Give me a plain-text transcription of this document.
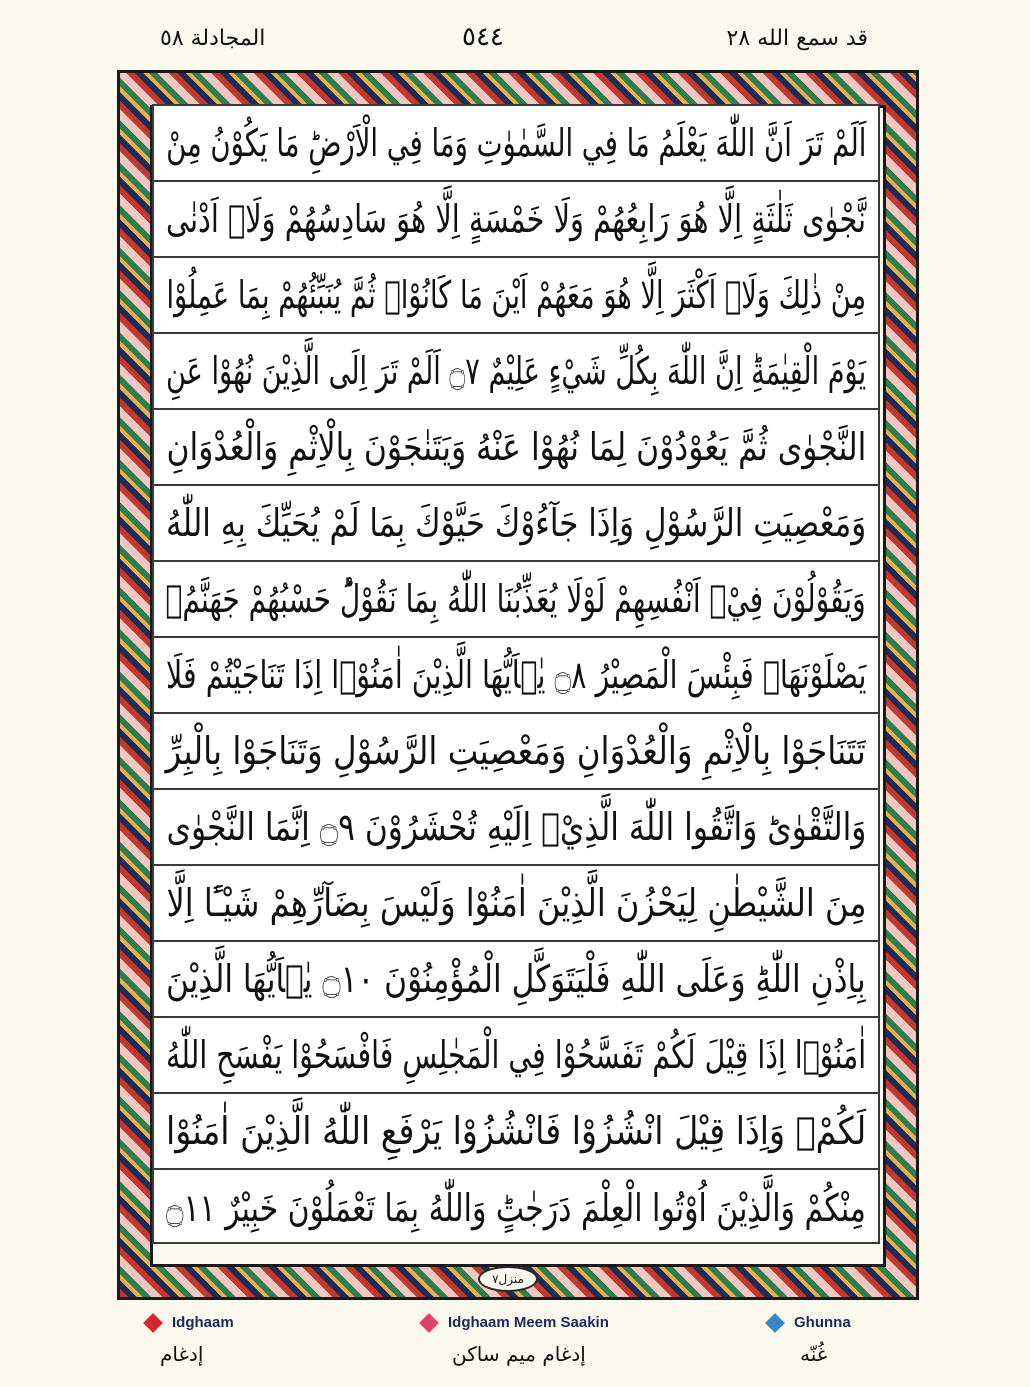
المجادلة ٥٨	٥٤٤	قد سمع الله ٢٨
اَلَمْ تَرَ اَنَّ اللّٰهَ يَعْلَمُ مَا فِي السَّمٰوٰتِ وَمَا فِي الْاَرْضِؕ مَا يَكُوْنُ مِنْ
نَّجْوٰى ثَلٰثَةٍ اِلَّا هُوَ رَابِعُهُمْ وَلَا خَمْسَةٍ اِلَّا هُوَ سَادِسُهُمْ وَلَاۤ اَدْنٰى
مِنْ ذٰلِكَ وَلَاۤ اَكْثَرَ اِلَّا هُوَ مَعَهُمْ اَيْنَ مَا كَانُوْاۚ ثُمَّ يُنَبِّئُهُمْ بِمَا عَمِلُوْا
يَوْمَ الْقِيٰمَةِؕ اِنَّ اللّٰهَ بِكُلِّ شَيْءٍ عَلِيْمٌ ۝٧ اَلَمْ تَرَ اِلَى الَّذِيْنَ نُهُوْا عَنِ
النَّجْوٰى ثُمَّ يَعُوْدُوْنَ لِمَا نُهُوْا عَنْهُ وَيَتَنٰجَوْنَ بِالْاِثْمِ وَالْعُدْوَانِ
وَمَعْصِيَتِ الرَّسُوْلِ وَاِذَا جَآءُوْكَ حَيَّوْكَ بِمَا لَمْ يُحَيِّكَ بِهِ اللّٰهُ
وَيَقُوْلُوْنَ فِيْۤ اَنْفُسِهِمْ لَوْلَا يُعَذِّبُنَا اللّٰهُ بِمَا نَقُوْلُؕ حَسْبُهُمْ جَهَنَّمُۚ
يَصْلَوْنَهَاۚ فَبِئْسَ الْمَصِيْرُ ۝٨ يٰۤاَيُّهَا الَّذِيْنَ اٰمَنُوْۤا اِذَا تَنَاجَيْتُمْ فَلَا
تَتَنَاجَوْا بِالْاِثْمِ وَالْعُدْوَانِ وَمَعْصِيَتِ الرَّسُوْلِ وَتَنَاجَوْا بِالْبِرِّ
وَالتَّقْوٰىؕ وَاتَّقُوا اللّٰهَ الَّذِيْۤ اِلَيْهِ تُحْشَرُوْنَ ۝٩ اِنَّمَا النَّجْوٰى
مِنَ الشَّيْطٰنِ لِيَحْزُنَ الَّذِيْنَ اٰمَنُوْا وَلَيْسَ بِضَآرِّهِمْ شَيْـًٔا اِلَّا
بِاِذْنِ اللّٰهِؕ وَعَلَى اللّٰهِ فَلْيَتَوَكَّلِ الْمُؤْمِنُوْنَ ۝١٠ يٰۤاَيُّهَا الَّذِيْنَ
اٰمَنُوْۤا اِذَا قِيْلَ لَكُمْ تَفَسَّحُوْا فِي الْمَجٰلِسِ فَافْسَحُوْا يَفْسَحِ اللّٰهُ
لَكُمْۚ وَاِذَا قِيْلَ انْشُزُوْا فَانْشُزُوْا يَرْفَعِ اللّٰهُ الَّذِيْنَ اٰمَنُوْا
مِنْكُمْ وَالَّذِيْنَ اُوْتُوا الْعِلْمَ دَرَجٰتٍؕ وَاللّٰهُ بِمَا تَعْمَلُوْنَ خَبِيْرٌ ۝١١
منزل٧
Idghaam
إدغام
Idghaam Meem Saakin
إدغام ميم ساكن
Ghunna
غُنّه
